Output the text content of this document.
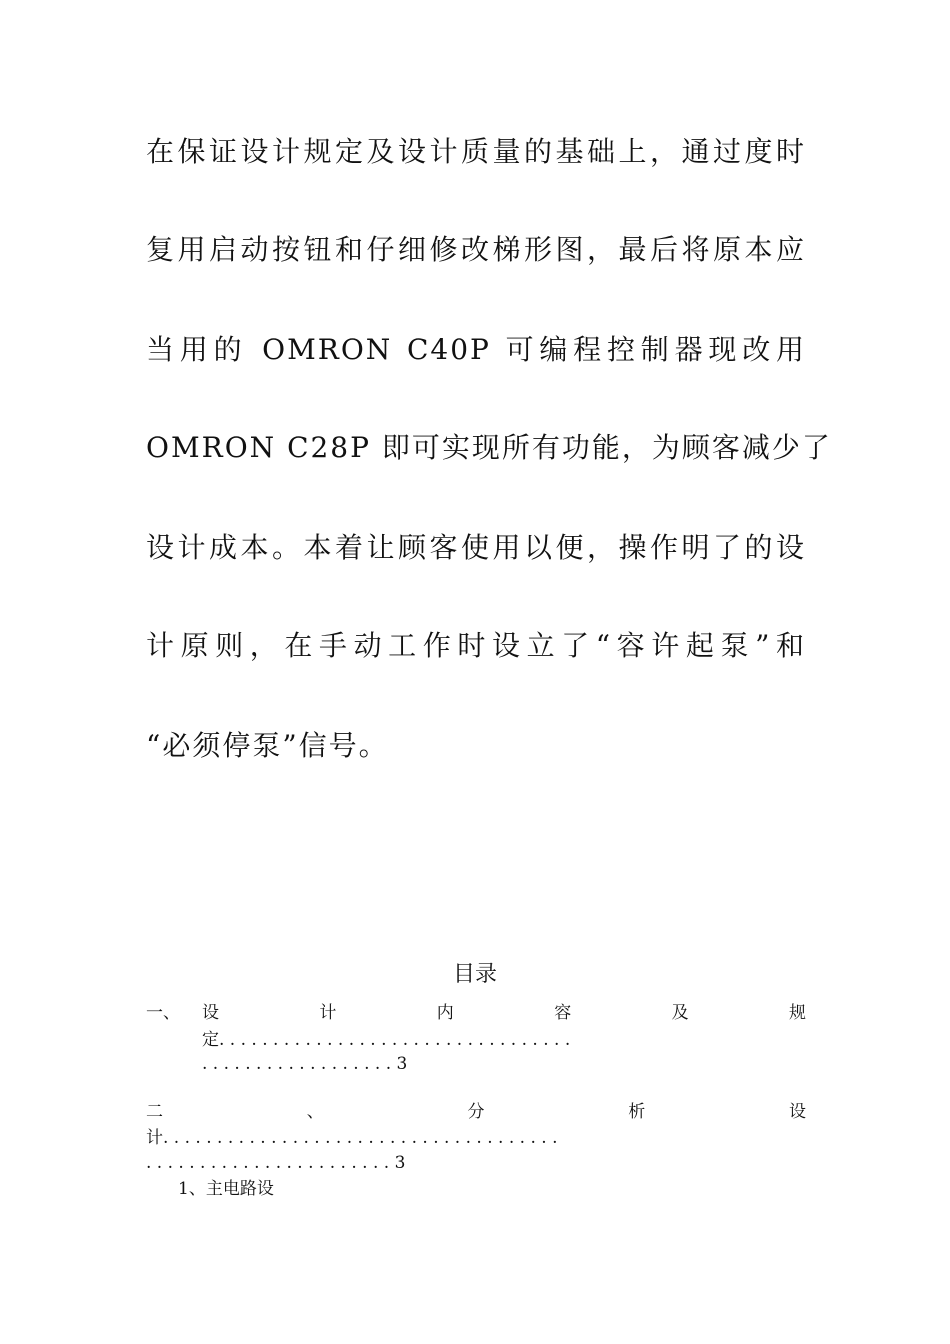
在保证设计规定及设计质量的基础上，通过度时
复用启动按钮和仔细修改梯形图，最后将原本应
当用的 OMRON C40P 可编程控制器现改用
OMRON C28P 即可实现所有功能，为顾客减少了
设计成本。本着让顾客使用以便，操作明了的设
计原则，在手动工作时设立了“容许起泵”和
“必须停泵”信号。
目录
一、 设 计 内 容 及 规
定. . . . . . . . . . . . . . . . . . . . . . . . . . . . . . . . .
. . . . . . . . . . . . . . . . . . 3
二 、 分 析 设
计. . . . . . . . . . . . . . . . . . . . . . . . . . . . . . . . . . . . .
. . . . . . . . . . . . . . . . . . . . . . . 3
1、主电路设
